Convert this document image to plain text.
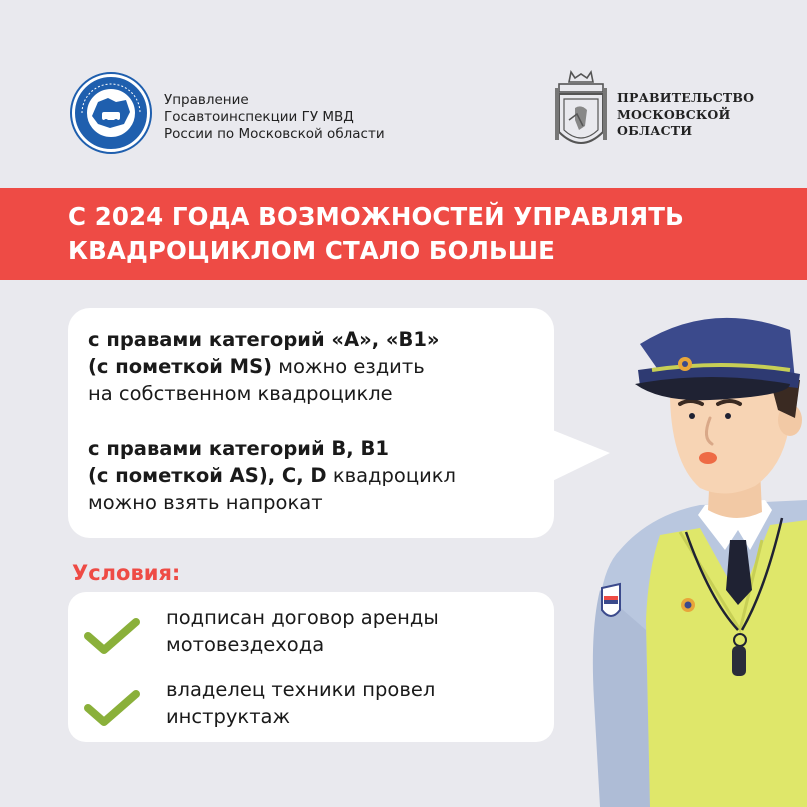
Управление
Госавтоинспекции ГУ МВД
России по Московской области
ПРАВИТЕЛЬСТВО
МОСКОВСКОЙ
ОБЛАСТИ
С 2024 ГОДА ВОЗМОЖНОСТЕЙ УПРАВЛЯТЬ
КВАДРОЦИКЛОМ СТАЛО БОЛЬШЕ
с правами категорий «А», «В1»
(с пометкой MS) можно ездить
на собственном квадроцикле
с правами категорий В, В1
(с пометкой AS), C, D квадроцикл
можно взять напрокат
Условия:
подписан договор аренды
мотовездехода
владелец техники провел
инструктаж
